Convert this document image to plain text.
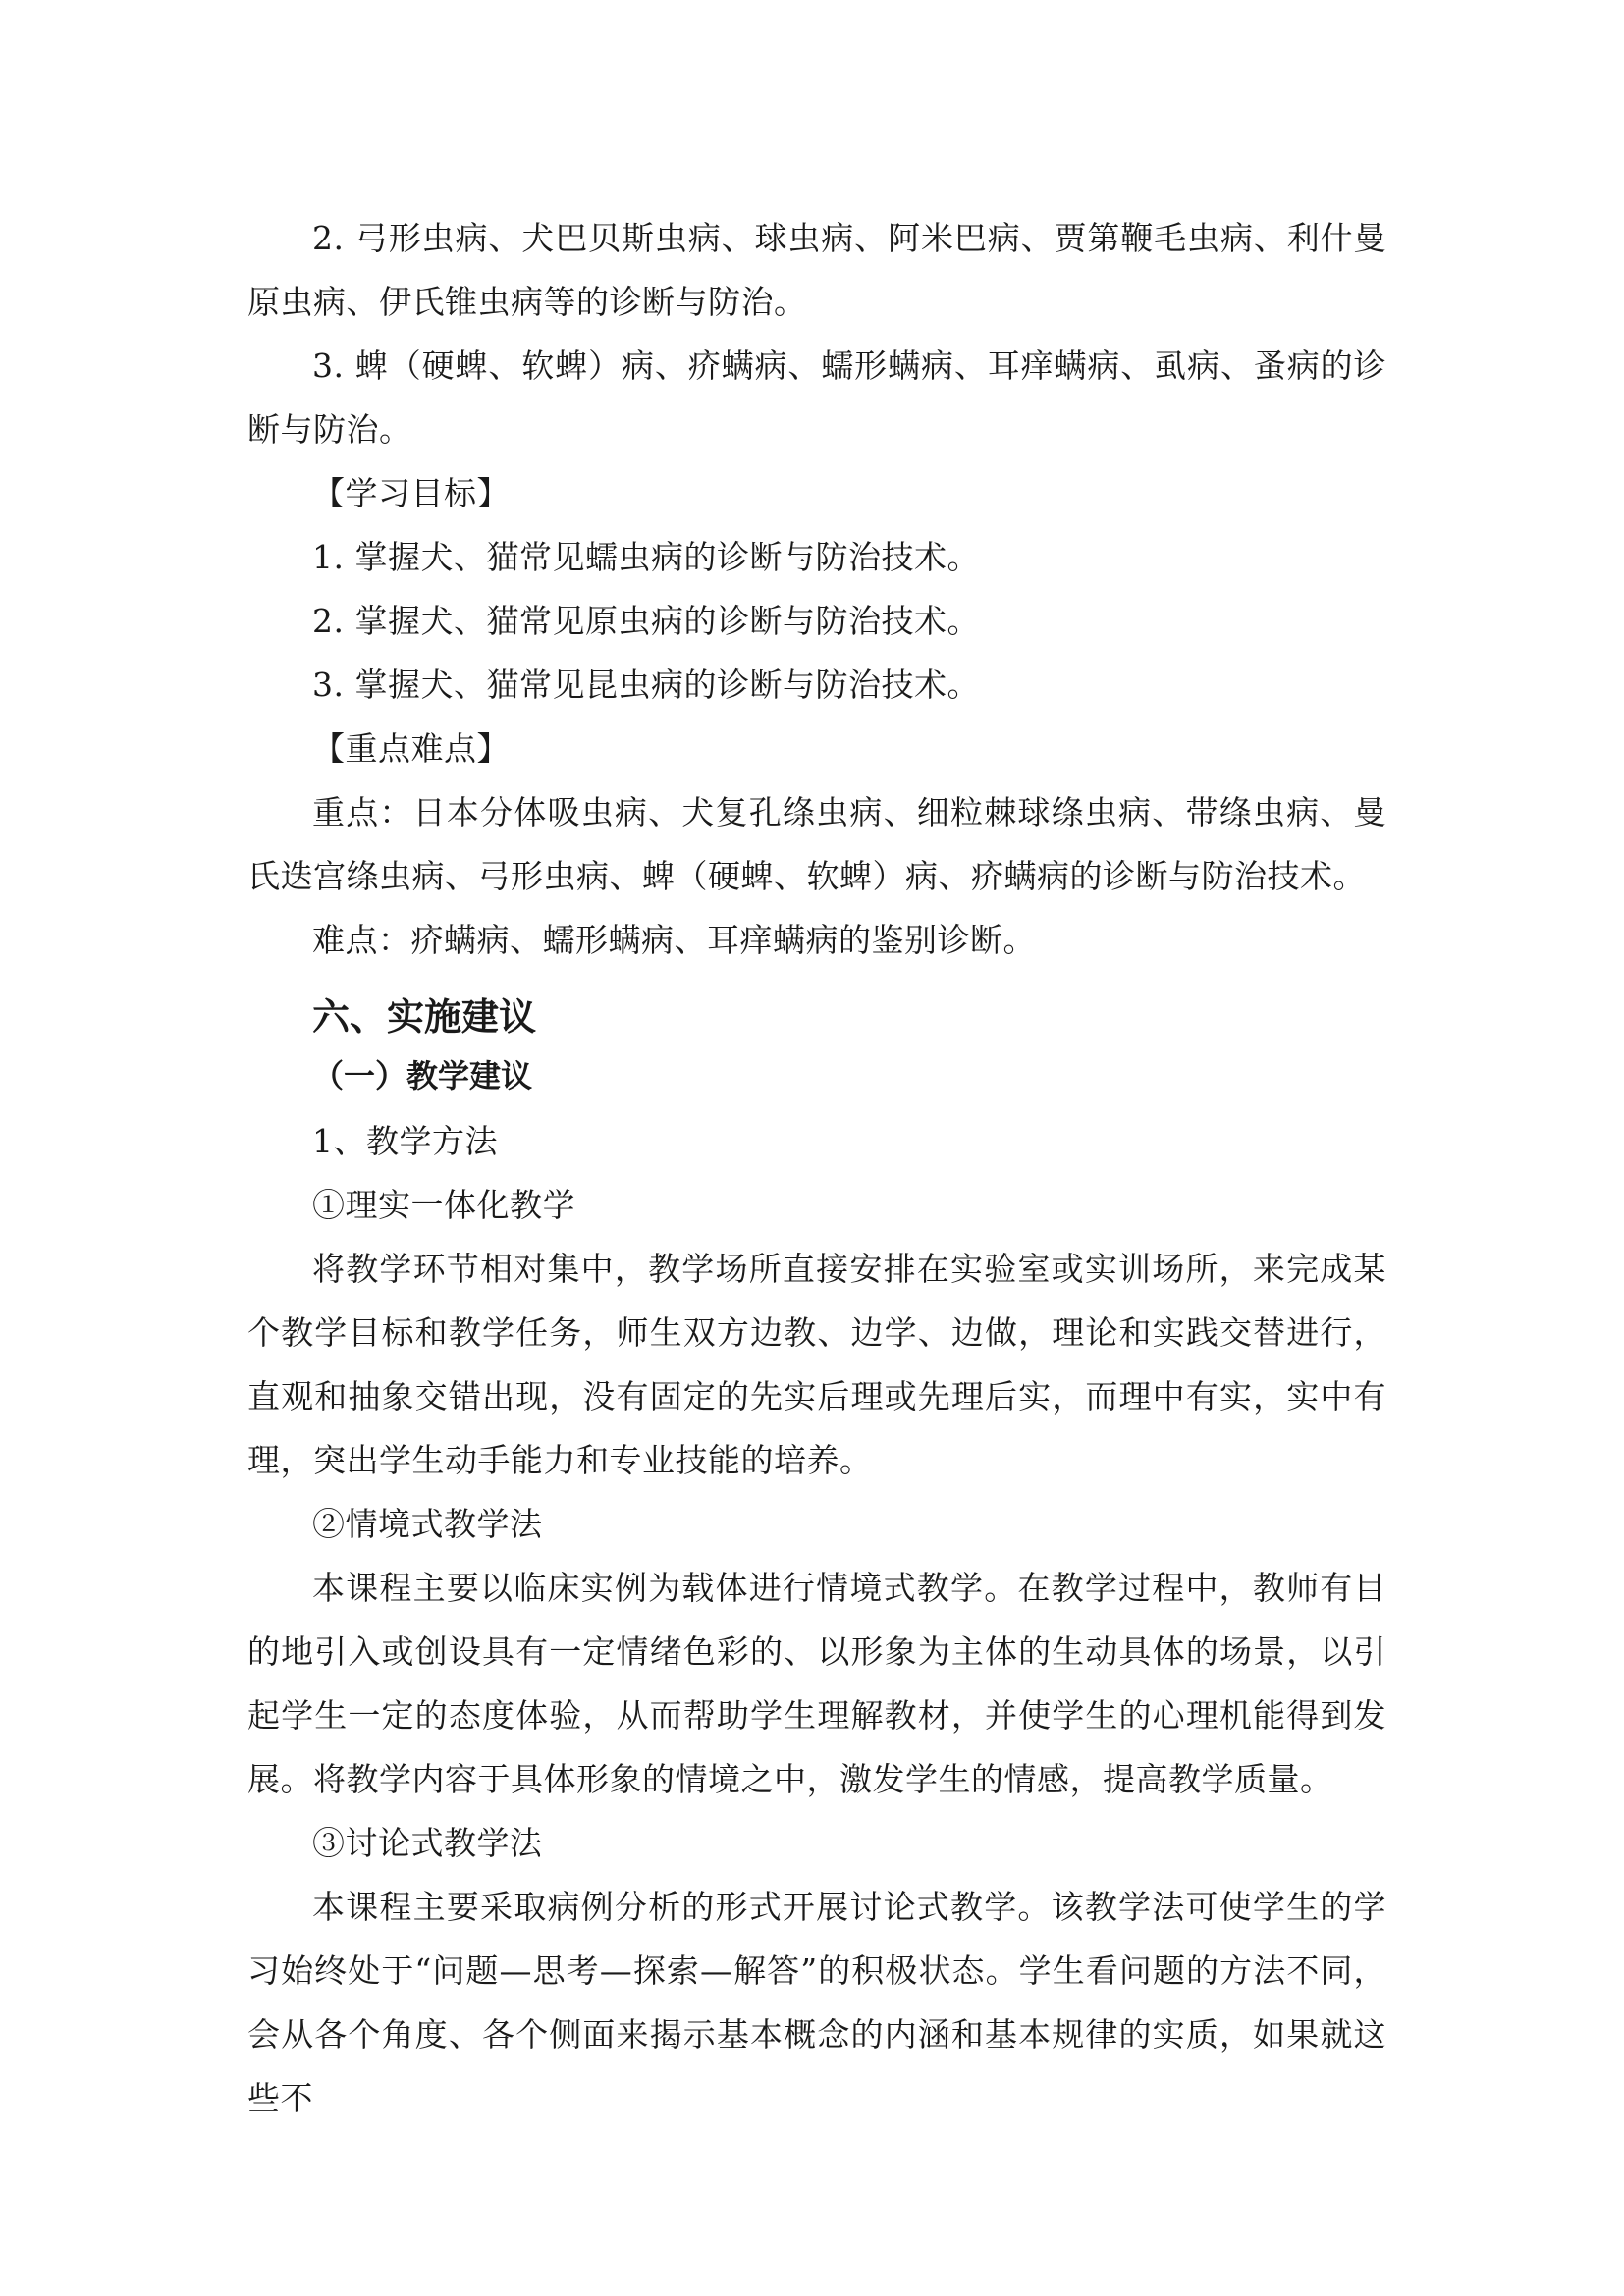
2. 弓形虫病、犬巴贝斯虫病、球虫病、阿米巴病、贾第鞭毛虫病、利什曼原虫病、伊氏锥虫病等的诊断与防治。

3. 蜱（硬蜱、软蜱）病、疥螨病、蠕形螨病、耳痒螨病、虱病、蚤病的诊断与防治。

【学习目标】

1. 掌握犬、猫常见蠕虫病的诊断与防治技术。

2. 掌握犬、猫常见原虫病的诊断与防治技术。

3. 掌握犬、猫常见昆虫病的诊断与防治技术。

【重点难点】

重点：日本分体吸虫病、犬复孔绦虫病、细粒棘球绦虫病、带绦虫病、曼氏迭宫绦虫病、弓形虫病、蜱（硬蜱、软蜱）病、疥螨病的诊断与防治技术。

难点：疥螨病、蠕形螨病、耳痒螨病的鉴别诊断。

六、实施建议
（一）教学建议

1、教学方法

①理实一体化教学

将教学环节相对集中，教学场所直接安排在实验室或实训场所，来完成某个教学目标和教学任务，师生双方边教、边学、边做，理论和实践交替进行，直观和抽象交错出现，没有固定的先实后理或先理后实，而理中有实，实中有理，突出学生动手能力和专业技能的培养。

②情境式教学法

本课程主要以临床实例为载体进行情境式教学。在教学过程中，教师有目的地引入或创设具有一定情绪色彩的、以形象为主体的生动具体的场景，以引起学生一定的态度体验，从而帮助学生理解教材，并使学生的心理机能得到发展。将教学内容于具体形象的情境之中，激发学生的情感，提高教学质量。

③讨论式教学法

本课程主要采取病例分析的形式开展讨论式教学。该教学法可使学生的学习始终处于“问题—思考—探索—解答”的积极状态。学生看问题的方法不同，会从各个角度、各个侧面来揭示基本概念的内涵和基本规律的实质，如果就这些不
